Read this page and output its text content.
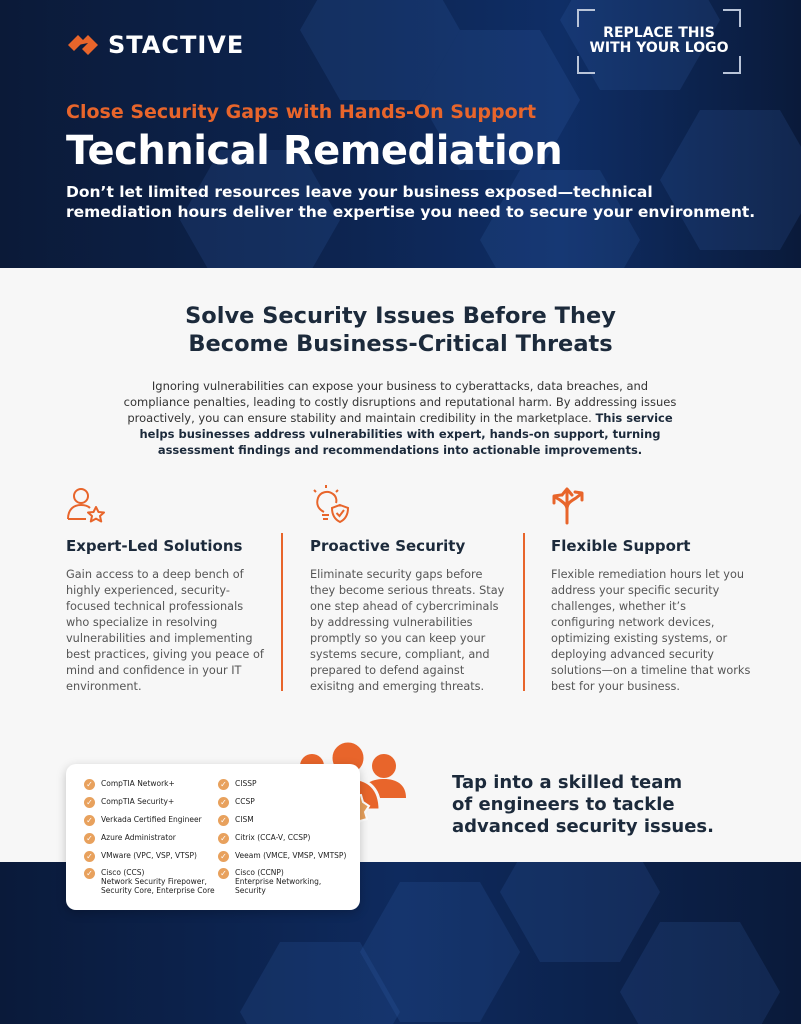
STACTIVE	REPLACE THIS
WITH YOUR LOGO
Close Security Gaps with Hands-On Support
Technical Remediation

Don’t let limited resources leave your business exposed—technical remediation hours deliver the expertise you need to secure your environment.

Solve Security Issues Before They
Become Business-Critical Threats

Ignoring vulnerabilities can expose your business to cyberattacks, data breaches, and compliance penalties, leading to costly disruptions and reputational harm. By addressing issues proactively, you can ensure stability and maintain credibility in the marketplace. This service helps businesses address vulnerabilities with expert, hands-on support, turning assessment findings and recommendations into actionable improvements.

Expert-Led Solutions

Gain access to a deep bench of highly experienced, security-focused technical professionals who specialize in resolving vulnerabilities and implementing best practices, giving you peace of mind and confidence in your IT environment.

Proactive Security

Eliminate security gaps before they become serious threats. Stay one step ahead of cybercriminals by addressing vulnerabilities promptly so you can keep your systems secure, compliant, and prepared to defend against exisitng and emerging threats.

Flexible Support

Flexible remediation hours let you address your specific security challenges, whether it’s configuring network devices, optimizing existing systems, or deploying advanced security solutions—on a timeline that works best for your business.

✓ CompTIA Network+
✓ CompTIA Security+
✓ Verkada Certified Engineer
✓ Azure Administrator
✓ VMware (VPC, VSP, VTSP)
✓ Cisco (CCS)
Network Security Firepower,
Security Core, Enterprise Core
✓ CISSP
✓ CCSP
✓ CISM
✓ Citrix (CCA-V, CCSP)
✓ Veeam (VMCE, VMSP, VMTSP)
✓ Cisco (CCNP)
Enterprise Networking,
Security

Tap into a skilled team
of engineers to tackle
advanced security issues.
